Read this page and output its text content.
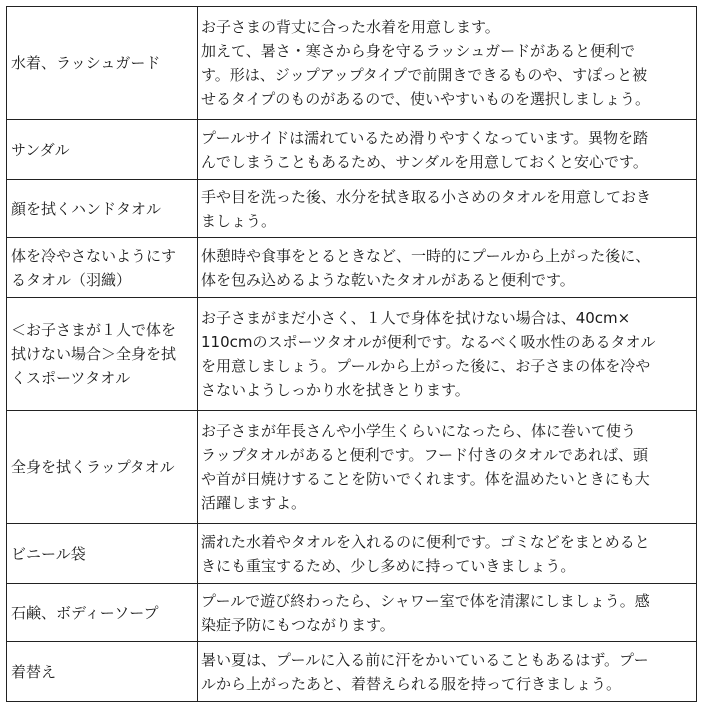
水着、ラッシュガード	お子さまの背丈に合った水着を用意します。
加えて、暑さ・寒さから身を守るラッシュガードがあると便利で
す。形は、ジップアップタイプで前開きできるものや、すぽっと被
せるタイプのものがあるので、使いやすいものを選択しましょう。

サンダル	プールサイドは濡れているため滑りやすくなっています。異物を踏
んでしまうこともあるため、サンダルを用意しておくと安心です。

顔を拭くハンドタオル	手や目を洗った後、水分を拭き取る小さめのタオルを用意しておき
ましょう。

体を冷やさないようにす
るタオル（羽織）	休憩時や食事をとるときなど、一時的にプールから上がった後に、
体を包み込めるような乾いたタオルがあると便利です。

＜お子さまが１人で体を
拭けない場合＞全身を拭
くスポーツタオル	お子さまがまだ小さく、１人で身体を拭けない場合は、40cm×
110cmのスポーツタオルが便利です。なるべく吸水性のあるタオル
を用意しましょう。プールから上がった後に、お子さまの体を冷や
さないようしっかり水を拭きとります。

全身を拭くラップタオル	お子さまが年長さんや小学生くらいになったら、体に巻いて使う
ラップタオルがあると便利です。フード付きのタオルであれば、頭
や首が日焼けすることを防いでくれます。体を温めたいときにも大
活躍しますよ。

ビニール袋	濡れた水着やタオルを入れるのに便利です。ゴミなどをまとめると
きにも重宝するため、少し多めに持っていきましょう。

石鹸、ボディーソープ	プールで遊び終わったら、シャワー室で体を清潔にしましょう。感
染症予防にもつながります。

着替え	暑い夏は、プールに入る前に汗をかいていることもあるはず。プー
ルから上がったあと、着替えられる服を持って行きましょう。
